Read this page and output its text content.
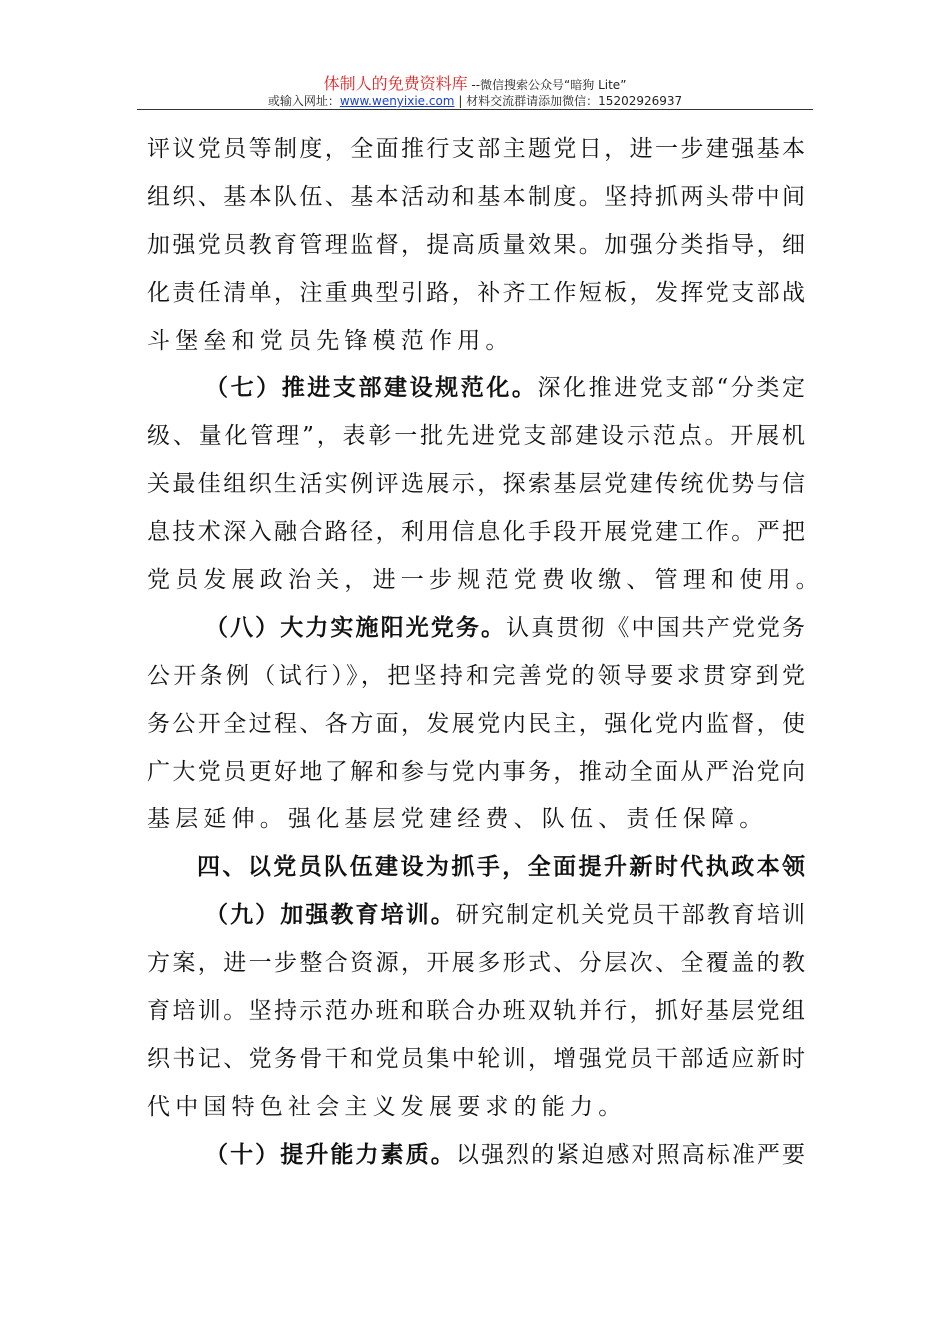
体制人的免费资料库 --微信搜索公众号“暗狗 Lite”
或输入网址：www.wenyixie.com | 材料交流群请添加微信：15202926937
评议党员等制度，全面推行支部主题党日，进一步建强基本
组织、基本队伍、基本活动和基本制度。坚持抓两头带中间
加强党员教育管理监督，提高质量效果。加强分类指导，细
化责任清单，注重典型引路，补齐工作短板，发挥党支部战
斗堡垒和党员先锋模范作用。
（七）推进支部建设规范化。深化推进党支部“分类定
级、量化管理”，表彰一批先进党支部建设示范点。开展机
关最佳组织生活实例评选展示，探索基层党建传统优势与信
息技术深入融合路径，利用信息化手段开展党建工作。严把
党员发展政治关，进一步规范党费收缴、管理和使用。
（八）大力实施阳光党务。认真贯彻《中国共产党党务
公开条例（试行）》，把坚持和完善党的领导要求贯穿到党
务公开全过程、各方面，发展党内民主，强化党内监督，使
广大党员更好地了解和参与党内事务，推动全面从严治党向
基层延伸。强化基层党建经费、队伍、责任保障。
四、以党员队伍建设为抓手，全面提升新时代执政本领
（九）加强教育培训。研究制定机关党员干部教育培训
方案，进一步整合资源，开展多形式、分层次、全覆盖的教
育培训。坚持示范办班和联合办班双轨并行，抓好基层党组
织书记、党务骨干和党员集中轮训，增强党员干部适应新时
代中国特色社会主义发展要求的能力。
（十）提升能力素质。以强烈的紧迫感对照高标准严要
